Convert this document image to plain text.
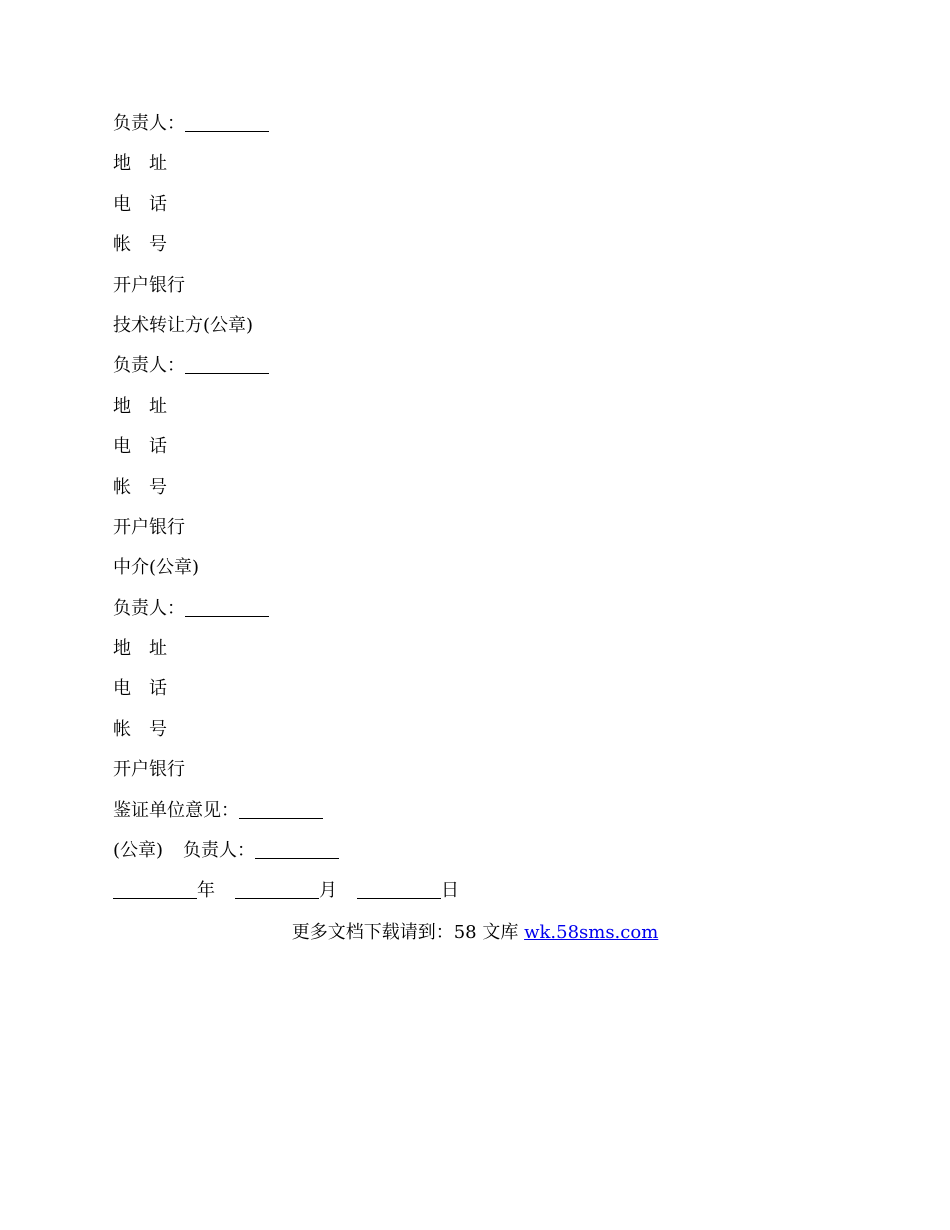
负责人：
地　址
电　话
帐　号
开户银行
技术转让方(公章)
负责人：
地　址
电　话
帐　号
开户银行
中介(公章)
负责人：
地　址
电　话
帐　号
开户银行
鉴证单位意见：
(公章) 负责人：
年	月	日
更多文档下载请到：58 文库 wk.58sms.com
